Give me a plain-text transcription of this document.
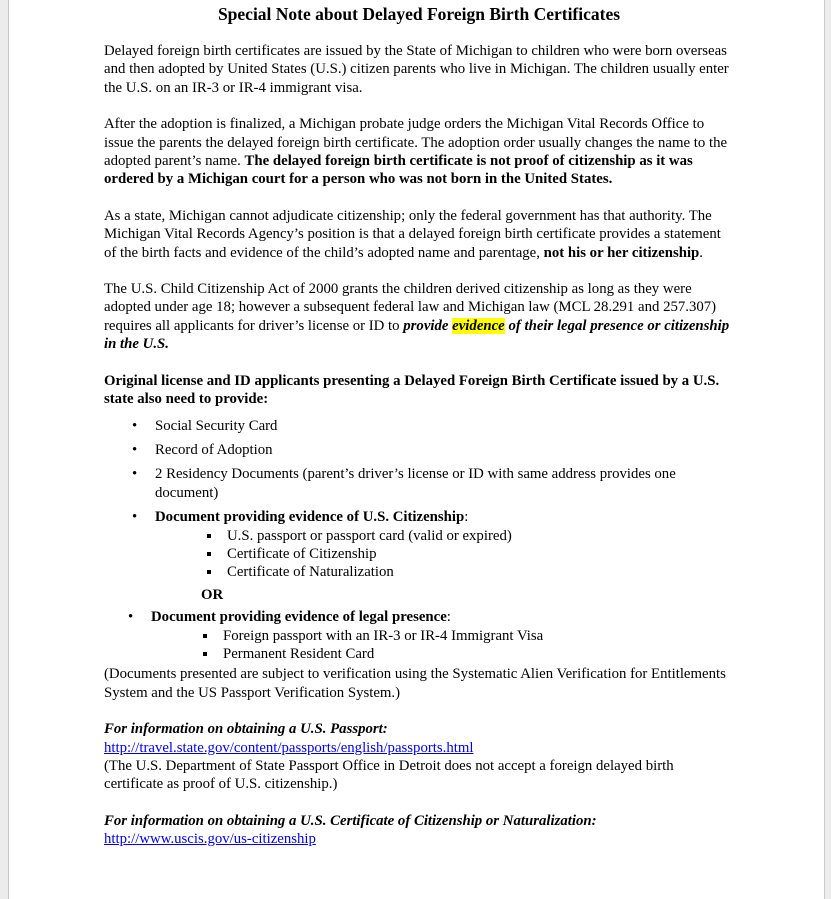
Special Note about Delayed Foreign Birth Certificates

Delayed foreign birth certificates are issued by the State of Michigan to children who were born overseas and then adopted by United States (U.S.) citizen parents who live in Michigan. The children usually enter the U.S. on an IR-3 or IR-4 immigrant visa.

After the adoption is finalized, a Michigan probate judge orders the Michigan Vital Records Office to issue the parents the delayed foreign birth certificate. The adoption order usually changes the name to the adopted parent’s name. The delayed foreign birth certificate is not proof of citizenship as it was ordered by a Michigan court for a person who was not born in the United States.

As a state, Michigan cannot adjudicate citizenship; only the federal government has that authority. The Michigan Vital Records Agency’s position is that a delayed foreign birth certificate provides a statement of the birth facts and evidence of the child’s adopted name and parentage, not his or her citizenship.

The U.S. Child Citizenship Act of 2000 grants the children derived citizenship as long as they were adopted under age 18; however a subsequent federal law and Michigan law (MCL 28.291 and 257.307) requires all applicants for driver’s license or ID to provide evidence of their legal presence or citizenship in the U.S.

Original license and ID applicants presenting a Delayed Foreign Birth Certificate issued by a U.S. state also need to provide:

• Social Security Card
• Record of Adoption
• 2 Residency Documents (parent’s driver’s license or ID with same address provides one document)
• Document providing evidence of U.S. Citizenship:
U.S. passport or passport card (valid or expired)
Certificate of Citizenship
Certificate of Naturalization
OR
• Document providing evidence of legal presence:
Foreign passport with an IR-3 or IR-4 Immigrant Visa
Permanent Resident Card

(Documents presented are subject to verification using the Systematic Alien Verification for Entitlements System and the US Passport Verification System.)

For information on obtaining a U.S. Passport:

http://travel.state.gov/content/passports/english/passports.html

(The U.S. Department of State Passport Office in Detroit does not accept a foreign delayed birth certificate as proof of U.S. citizenship.)

For information on obtaining a U.S. Certificate of Citizenship or Naturalization:

http://www.uscis.gov/us-citizenship
